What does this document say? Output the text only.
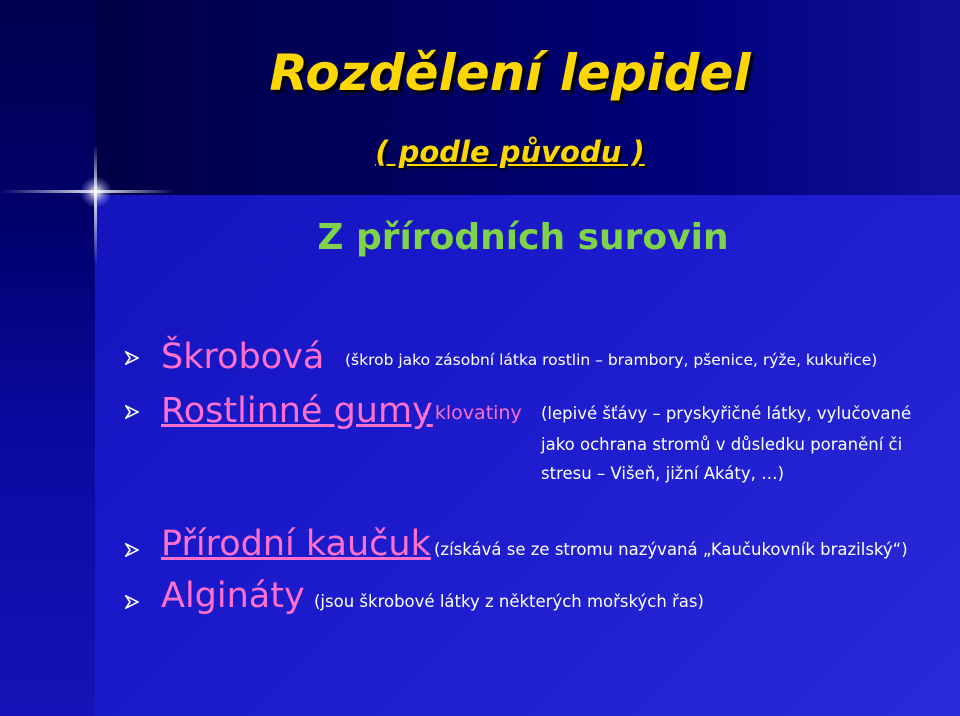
Rozdělení lepidel
( podle původu )
Z přírodních surovin
Škrobová (škrob jako zásobní látka rostlin – brambory, pšenice, rýže, kukuřice)
Rostlinné gumy
- klovatiny (lepivé šťávy – pryskyřičné látky, vylučované
jako ochrana stromů v důsledku poranění či
stresu – Višeň, jižní Akáty, …)
Přírodní kaučuk (získává se ze stromu nazývaná „Kaučukovník brazilský“)
Algináty (jsou škrobové látky z některých mořských řas)
